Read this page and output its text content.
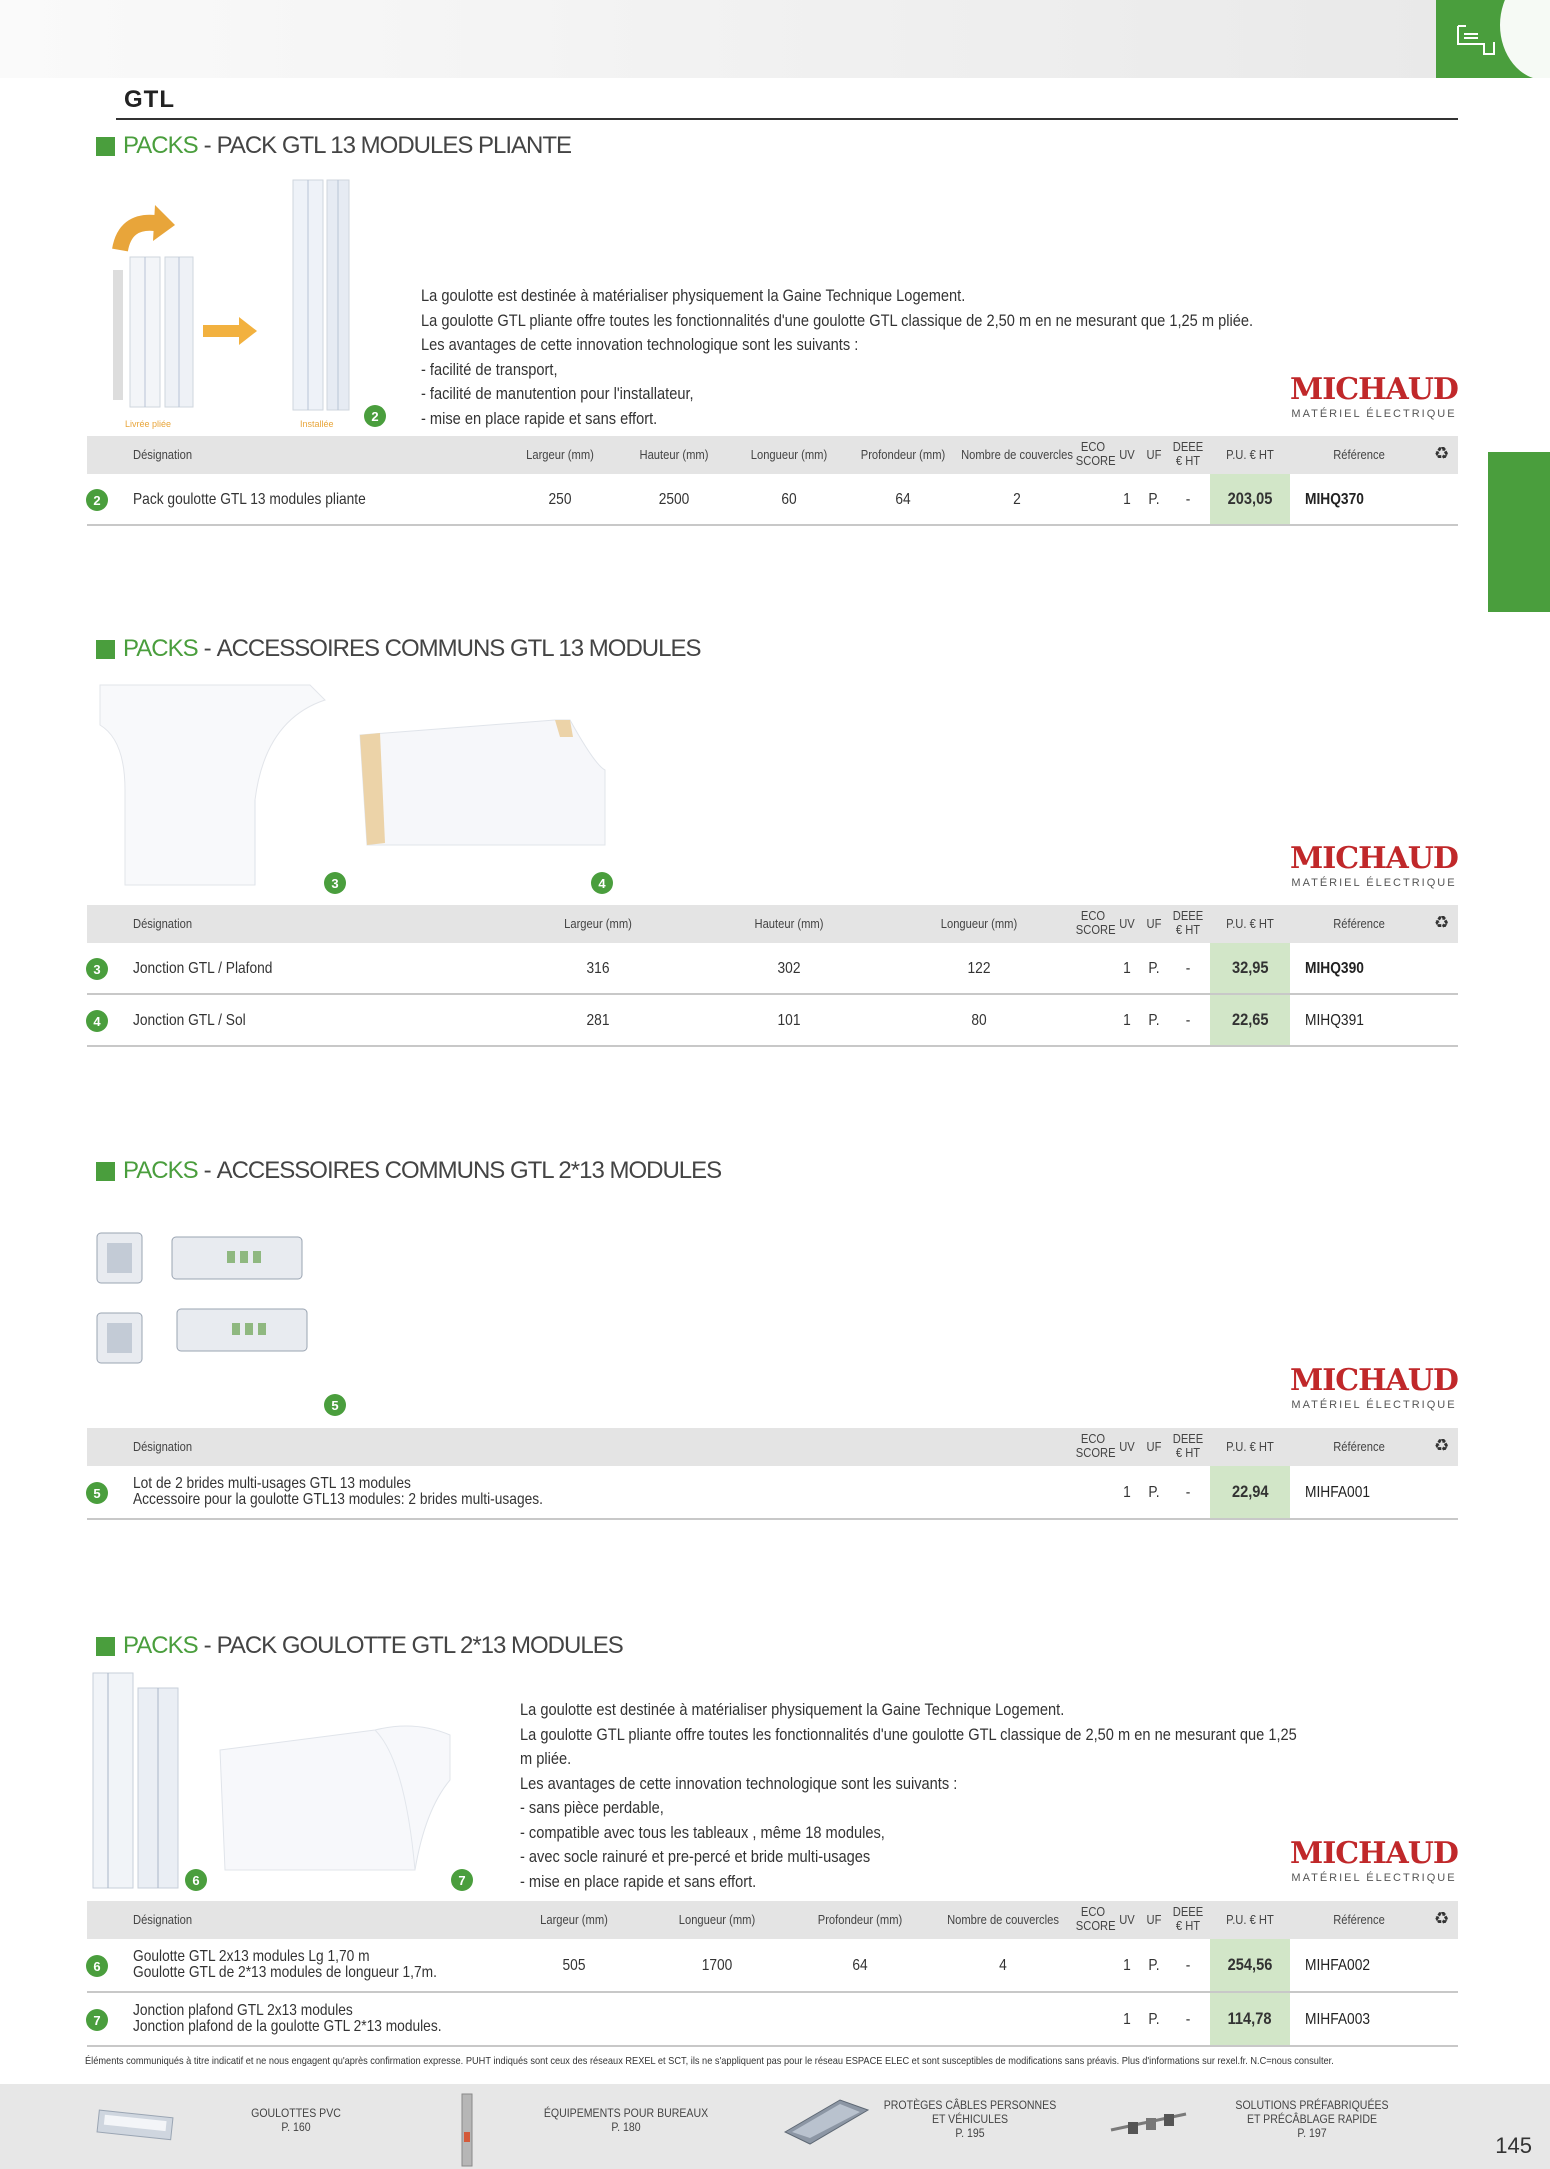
GTL
PACKS - PACK GTL 13 MODULES PLIANTE
Livrée pliée	Installée
2
La goulotte est destinée à matérialiser physiquement la Gaine Technique Logement.
La goulotte GTL pliante offre toutes les fonctionnalités d'une goulotte GTL classique de 2,50 m en ne mesurant que 1,25 m pliée.
Les avantages de cette innovation technologique sont les suivants :
- facilité de transport,
- facilité de manutention pour l'installateur,
- mise en place rapide et sans effort.
MICHAUD
MATÉRIEL ÉLECTRIQUE
Désignation	Largeur (mm)	Hauteur (mm)	Longueur (mm)	Profondeur (mm) Nombre de couvercles
ECO SCORE UV UF
DEEE € HT P.U. € HT	Référence	♻
2	Pack goulotte GTL 13 modules pliante	250	2500	60	64	2	1 P. - 203,05 MIHQ370
PACKS - ACCESSOIRES COMMUNS GTL 13 MODULES
3	4
MICHAUD
MATÉRIEL ÉLECTRIQUE
Désignation	Largeur (mm)	Hauteur (mm)	Longueur (mm)
ECO SCORE UV UF
DEEE € HT P.U. € HT	Référence	♻
3	Jonction GTL / Plafond	316	302	122	1 P. - 32,95 MIHQ390
4	Jonction GTL / Sol	281	101	80	1 P. - 22,65 MIHQ391
PACKS - ACCESSOIRES COMMUNS GTL 2*13 MODULES
5
MICHAUD
MATÉRIEL ÉLECTRIQUE
Désignation
ECO SCORE UV UF
DEEE € HT P.U. € HT	Référence	♻
5
Lot de 2 brides multi-usages GTL 13 modules
Accessoire pour la goulotte GTL13 modules: 2 brides multi-usages.	1 P. - 22,94 MIHFA001
PACKS - PACK GOULOTTE GTL 2*13 MODULES
6	7
La goulotte est destinée à matérialiser physiquement la Gaine Technique Logement.
La goulotte GTL pliante offre toutes les fonctionnalités d'une goulotte GTL classique de 2,50 m en ne mesurant que 1,25
m pliée.
Les avantages de cette innovation technologique sont les suivants :
- sans pièce perdable,
- compatible avec tous les tableaux , même 18 modules,
- avec socle rainuré et pre-percé et bride multi-usages
- mise en place rapide et sans effort.
MICHAUD
MATÉRIEL ÉLECTRIQUE
Désignation	Largeur (mm)	Longueur (mm)	Profondeur (mm)	Nombre de couvercles
ECO SCORE UV UF
DEEE € HT P.U. € HT	Référence	♻
6
Goulotte GTL 2x13 modules Lg 1,70 m
Goulotte GTL de 2*13 modules de longueur 1,7m.	505	1700	64	4	1 P. - 254,56 MIHFA002
7
Jonction plafond GTL 2x13 modules
Jonction plafond de la goulotte GTL 2*13 modules.	1 P. - 114,78 MIHFA003
Éléments communiqués à titre indicatif et ne nous engagent qu'après confirmation expresse. PUHT indiqués sont ceux des réseaux REXEL et SCT, ils ne s'appliquent pas pour le réseau ESPACE ELEC et sont susceptibles de modifications sans préavis. Plus d'informations sur rexel.fr. N.C=nous consulter.
GOULOTTES PVC
P. 160
ÉQUIPEMENTS POUR BUREAUX
P. 180
PROTÈGES CÂBLES PERSONNES
ET VÉHICULES
P. 195
SOLUTIONS PRÉFABRIQUÉES
ET PRÉCÂBLAGE RAPIDE
P. 197	145
